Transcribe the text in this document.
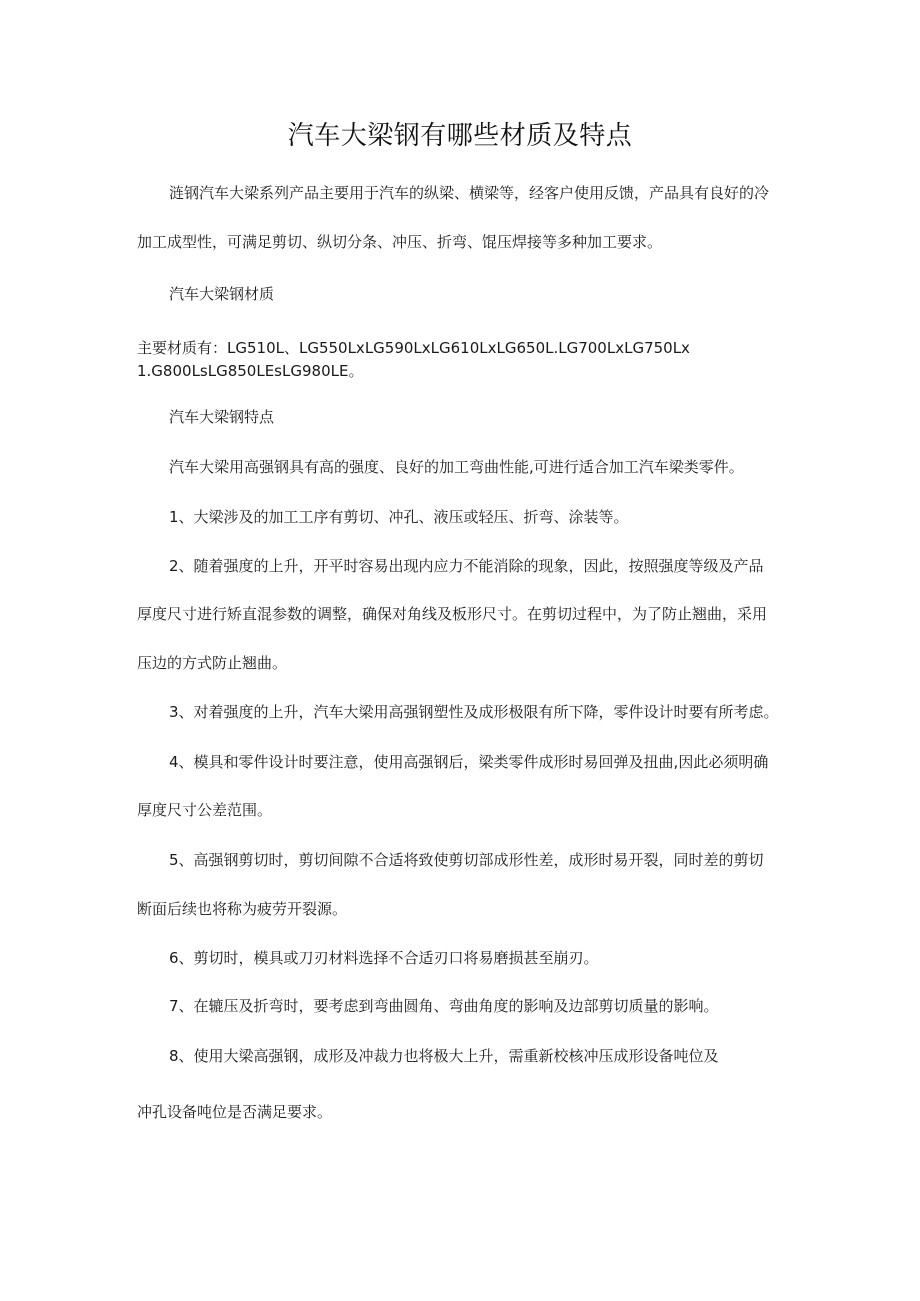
汽车大梁钢有哪些材质及特点
涟钢汽车大梁系列产品主要用于汽车的纵梁、横梁等，经客户使用反馈，产品具有良好的冷
加工成型性，可满足剪切、纵切分条、冲压、折弯、馄压焊接等多种加工要求。
汽车大梁钢材质
主要材质有：LG510L、LG550LxLG590LxLG610LxLG650L.LG700LxLG750Lx
1.G800LsLG850LEsLG980LE。
汽车大梁钢特点
汽车大梁用高强钢具有高的强度、良好的加工弯曲性能,可进行适合加工汽车梁类零件。
1、大梁涉及的加工工序有剪切、冲孔、液压或轻压、折弯、涂装等。
2、随着强度的上升，开平时容易出现内应力不能消除的现象，因此，按照强度等级及产品
厚度尺寸进行矫直混参数的调整，确保对角线及板形尺寸。在剪切过程中，为了防止翘曲，采用
压边的方式防止翘曲。
3、对着强度的上升，汽车大梁用高强钢塑性及成形极限有所下降，零件设计时要有所考虑。
4、模具和零件设计时要注意，使用高强钢后，梁类零件成形时易回弹及扭曲,因此必须明确
厚度尺寸公差范围。
5、高强钢剪切时，剪切间隙不合适将致使剪切部成形性差，成形时易开裂，同时差的剪切
断面后续也将称为疲劳开裂源。
6、剪切时，模具或刀刃材料选择不合适刃口将易磨损甚至崩刃。
7、在辘压及折弯时，要考虑到弯曲圆角、弯曲角度的影响及边部剪切质量的影响。
8、使用大梁高强钢，成形及冲裁力也将极大上升，需重新校核冲压成形设备吨位及
冲孔设备吨位是否满足要求。
